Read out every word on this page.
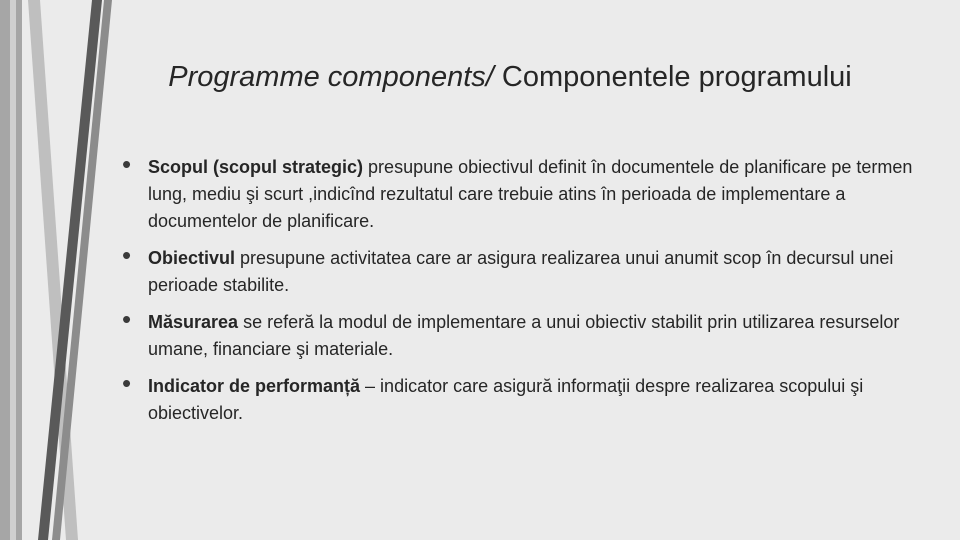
Programme components/ Componentele programului
• Scopul (scopul strategic) presupune obiectivul definit în documentele de planificare pe termen lung, mediu şi scurt ,indicînd rezultatul care trebuie atins în perioada de implementare a documentelor de planificare.
• Obiectivul presupune activitatea care ar asigura realizarea unui anumit scop în decursul unei perioade stabilite.
• Măsurarea se referă la modul de implementare a unui obiectiv stabilit prin utilizarea resurselor umane, financiare şi materiale.
• Indicator de performanță – indicator care asigură informaţii despre realizarea scopului şi obiectivelor.
